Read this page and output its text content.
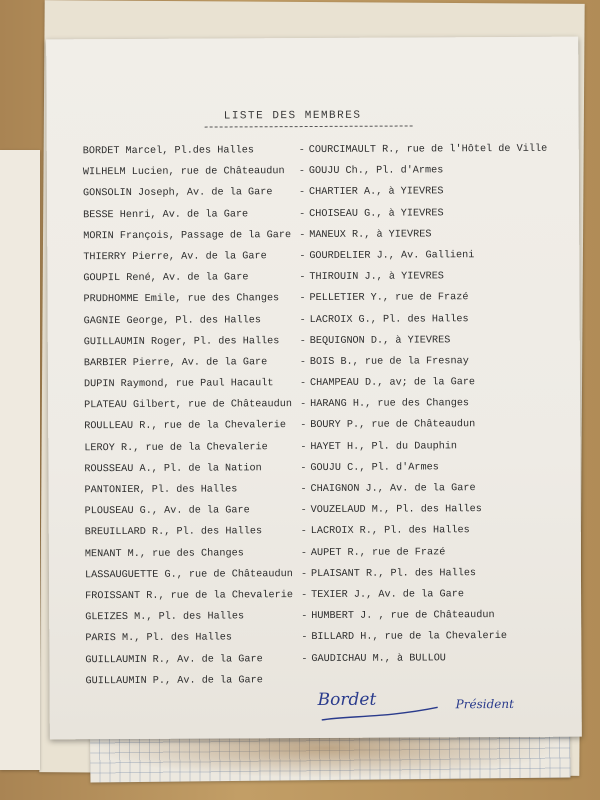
LISTE DES MEMBRES
BORDET Marcel, Pl.des Halles
WILHELM Lucien, rue de Châteaudun
GONSOLIN Joseph, Av. de la Gare
BESSE Henri, Av. de la Gare
MORIN François, Passage de la Gare
THIERRY Pierre, Av. de la Gare
GOUPIL René, Av. de la Gare
PRUDHOMME Emile, rue des Changes
GAGNIE George, Pl. des Halles
GUILLAUMIN Roger, Pl. des Halles
BARBIER Pierre, Av. de la Gare
DUPIN Raymond, rue Paul Hacault
PLATEAU Gilbert, rue de Châteaudun
ROULLEAU R., rue de la Chevalerie
LEROY R., rue de la Chevalerie
ROUSSEAU A., Pl. de la Nation
PANTONIER, Pl. des Halles
PLOUSEAU G., Av. de la Gare
BREUILLARD R., Pl. des Halles
MENANT M., rue des Changes
LASSAUGUETTE G., rue de Châteaudun
FROISSANT R., rue de la Chevalerie
GLEIZES M., Pl. des Halles
PARIS M., Pl. des Halles
GUILLAUMIN R., Av. de la Gare
GUILLAUMIN P., Av. de la Gare
- COURCIMAULT R., rue de l'Hôtel de Ville
- GOUJU Ch., Pl. d'Armes
- CHARTIER A., à YIEVRES
- CHOISEAU G., à YIEVRES
- MANEUX R., à YIEVRES
- GOURDELIER J., Av. Gallieni
- THIROUIN J., à YIEVRES
- PELLETIER Y., rue de Frazé
- LACROIX G., Pl. des Halles
- BEQUIGNON D., à YIEVRES
- BOIS B., rue de la Fresnay
- CHAMPEAU D., av; de la Gare
- HARANG H., rue des Changes
- BOURY P., rue de Châteaudun
- HAYET H., Pl. du Dauphin
- GOUJU C., Pl. d'Armes
- CHAIGNON J., Av. de la Gare
- VOUZELAUD M., Pl. des Halles
- LACROIX R., Pl. des Halles
- AUPET R., rue de Frazé
- PLAISANT R., Pl. des Halles
- TEXIER J., Av. de la Gare
- HUMBERT J. , rue de Châteaudun
- BILLARD H., rue de la Chevalerie
- GAUDICHAU M., à BULLOU
Bordet	Président
